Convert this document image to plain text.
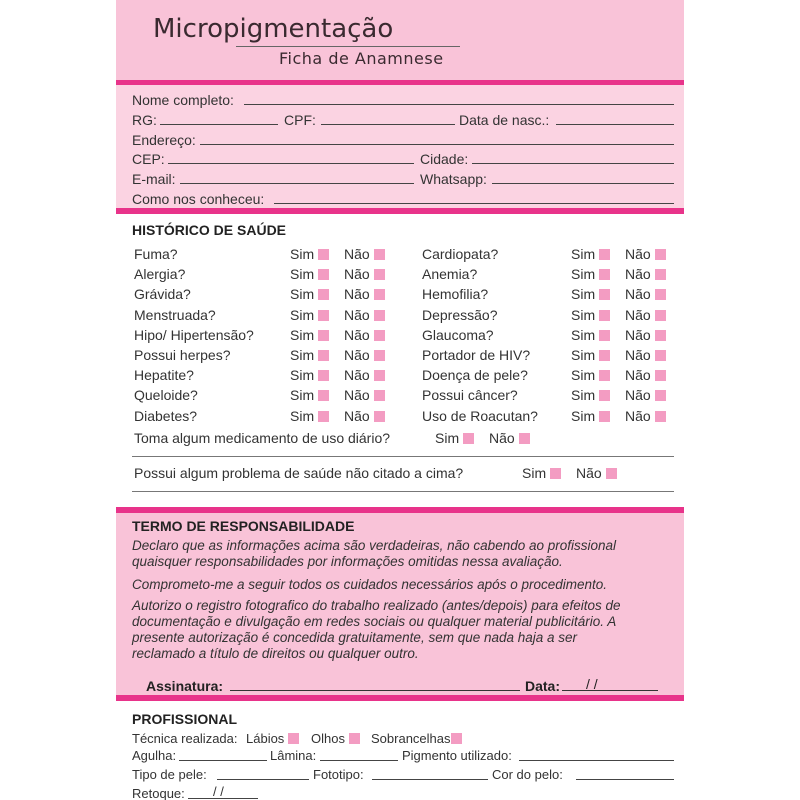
Micropigmentação
Ficha de Anamnese
Nome completo:
RG:	CPF:	Data de nasc.:
Endereço:
CEP:	Cidade:
E-mail:	Whatsapp:
Como nos conheceu:
HISTÓRICO DE SAÚDE
Fuma?	Sim	Não
Alergia?	Sim	Não
Grávida?	Sim	Não
Menstruada?	Sim	Não
Hipo/ Hipertensão?	Sim	Não
Possui herpes?	Sim	Não
Hepatite?	Sim	Não
Queloide?	Sim	Não
Diabetes?	Sim	Não
Cardiopata?	Sim	Não
Anemia?	Sim	Não
Hemofilia?	Sim	Não
Depressão?	Sim	Não
Glaucoma?	Sim	Não
Portador de HIV?	Sim	Não
Doença de pele?	Sim	Não
Possui câncer?	Sim	Não
Uso de Roacutan? Sim	Não
Toma algum medicamento de uso diário?	Sim	Não
Possui algum problema de saúde não citado a cima?	Sim	Não
TERMO DE RESPONSABILIDADE
Declaro que as informações acima são verdadeiras, não cabendo ao profissional
quaisquer responsabilidades por informações omitidas nessa avaliação.
Comprometo-me a seguir todos os cuidados necessários após o procedimento.
Autorizo o registro fotografico do trabalho realizado (antes/depois) para efeitos de
documentação e divulgação em redes sociais ou qualquer material publicitário. A
presente autorização é concedida gratuitamente, sem que nada haja a ser
reclamado a título de direitos ou qualquer outro.
Assinatura:	Data: / /
PROFISSIONAL
Técnica realizada: Lábios	Olhos	Sobrancelhas
Agulha:	Lâmina:	Pigmento utilizado:
Tipo de pele:	Fototipo:	Cor do pelo:
Retoque: / /
